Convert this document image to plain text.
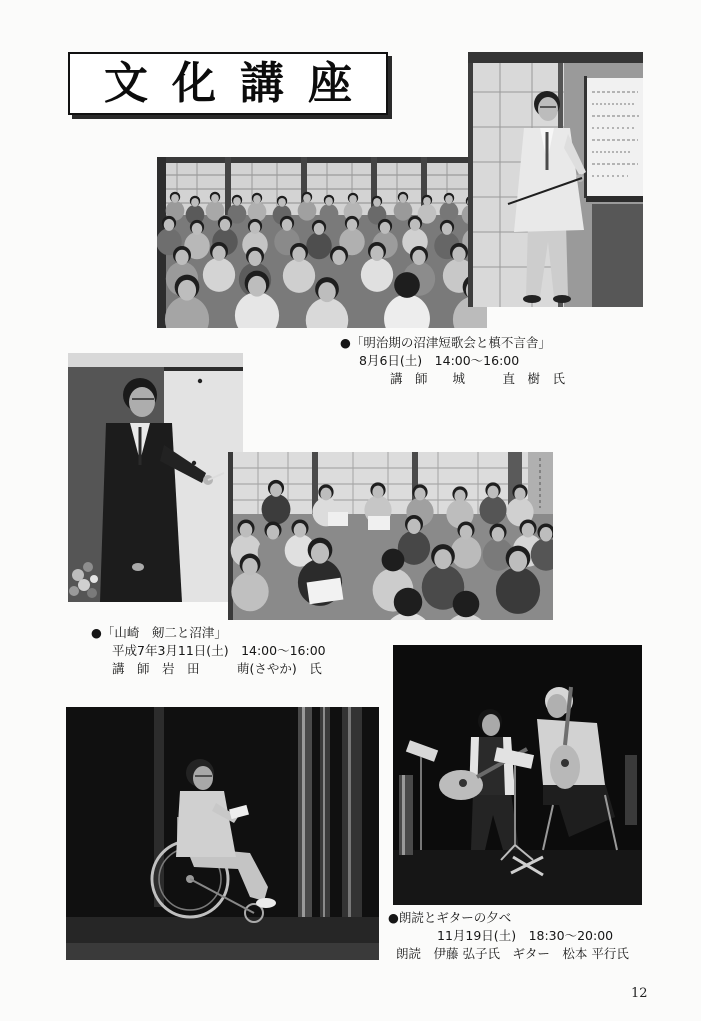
文化講座
●「明治期の沼津短歌会と槙不言舎」
8月6日(土)　14:00〜16:00
講　師　　城　　　直　樹　氏
●「山崎　剱二と沼津」
平成7年3月11日(土)　14:00〜16:00
講　師　岩　田　　　萌(さやか)　氏
●朗読とギターの夕べ
11月19日(土)　18:30〜20:00
朗読　伊藤 弘子氏　ギター　松本 平行氏
12
